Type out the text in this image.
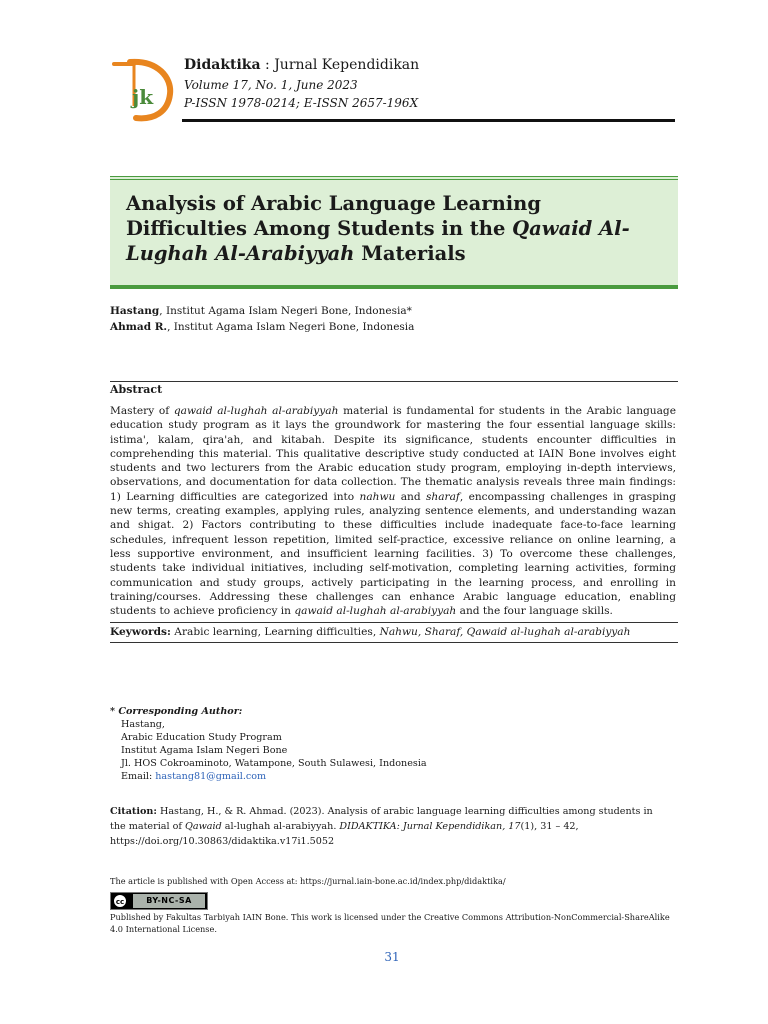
jk
Didaktika : Jurnal Kependidikan
Volume 17, No. 1, June 2023
P-ISSN 1978-0214; E-ISSN 2657-196X
Analysis of Arabic Language Learning Difficulties Among Students in the Qawaid Al-Lughah Al-Arabiyyah Materials
Hastang, Institut Agama Islam Negeri Bone, Indonesia*
Ahmad R., Institut Agama Islam Negeri Bone, Indonesia
Abstract

Mastery of qawaid al-lughah al-arabiyyah material is fundamental for students in the Arabic language education study program as it lays the groundwork for mastering the four essential language skills: istima', kalam, qira'ah, and kitabah. Despite its significance, students encounter difficulties in comprehending this material. This qualitative descriptive study conducted at IAIN Bone involves eight students and two lecturers from the Arabic education study program, employing in-depth interviews, observations, and documentation for data collection. The thematic analysis reveals three main findings: 1) Learning difficulties are categorized into nahwu and sharaf, encompassing challenges in grasping new terms, creating examples, applying rules, analyzing sentence elements, and understanding wazan and shigat. 2) Factors contributing to these difficulties include inadequate face-to-face learning schedules, infrequent lesson repetition, limited self-practice, excessive reliance on online learning, a less supportive environment, and insufficient learning facilities. 3) To overcome these challenges, students take individual initiatives, including self-motivation, completing learning activities, forming communication and study groups, actively participating in the learning process, and enrolling in training/courses. Addressing these challenges can enhance Arabic language education, enabling students to achieve proficiency in qawaid al-lughah al-arabiyyah and the four language skills.

Keywords: Arabic learning, Learning difficulties, Nahwu, Sharaf, Qawaid al-lughah al-arabiyyah
* Corresponding Author:
Hastang,
Arabic Education Study Program
Institut Agama Islam Negeri Bone
Jl. HOS Cokroaminoto, Watampone, South Sulawesi, Indonesia
Email: hastang81@gmail.com
Citation: Hastang, H., & R. Ahmad. (2023). Analysis of arabic language learning difficulties among students in the material of Qawaid al-lughah al-arabiyyah. DIDAKTIKA: Jurnal Kependidikan, 17(1), 31 – 42, https://doi.org/10.30863/didaktika.v17i1.5052
The article is published with Open Access at: https://jurnal.iain-bone.ac.id/index.php/didaktika/
cc	BY-NC-SA
Published by Fakultas Tarbiyah IAIN Bone. This work is licensed under the Creative Commons Attribution-NonCommercial-ShareAlike 4.0 International License.
31
